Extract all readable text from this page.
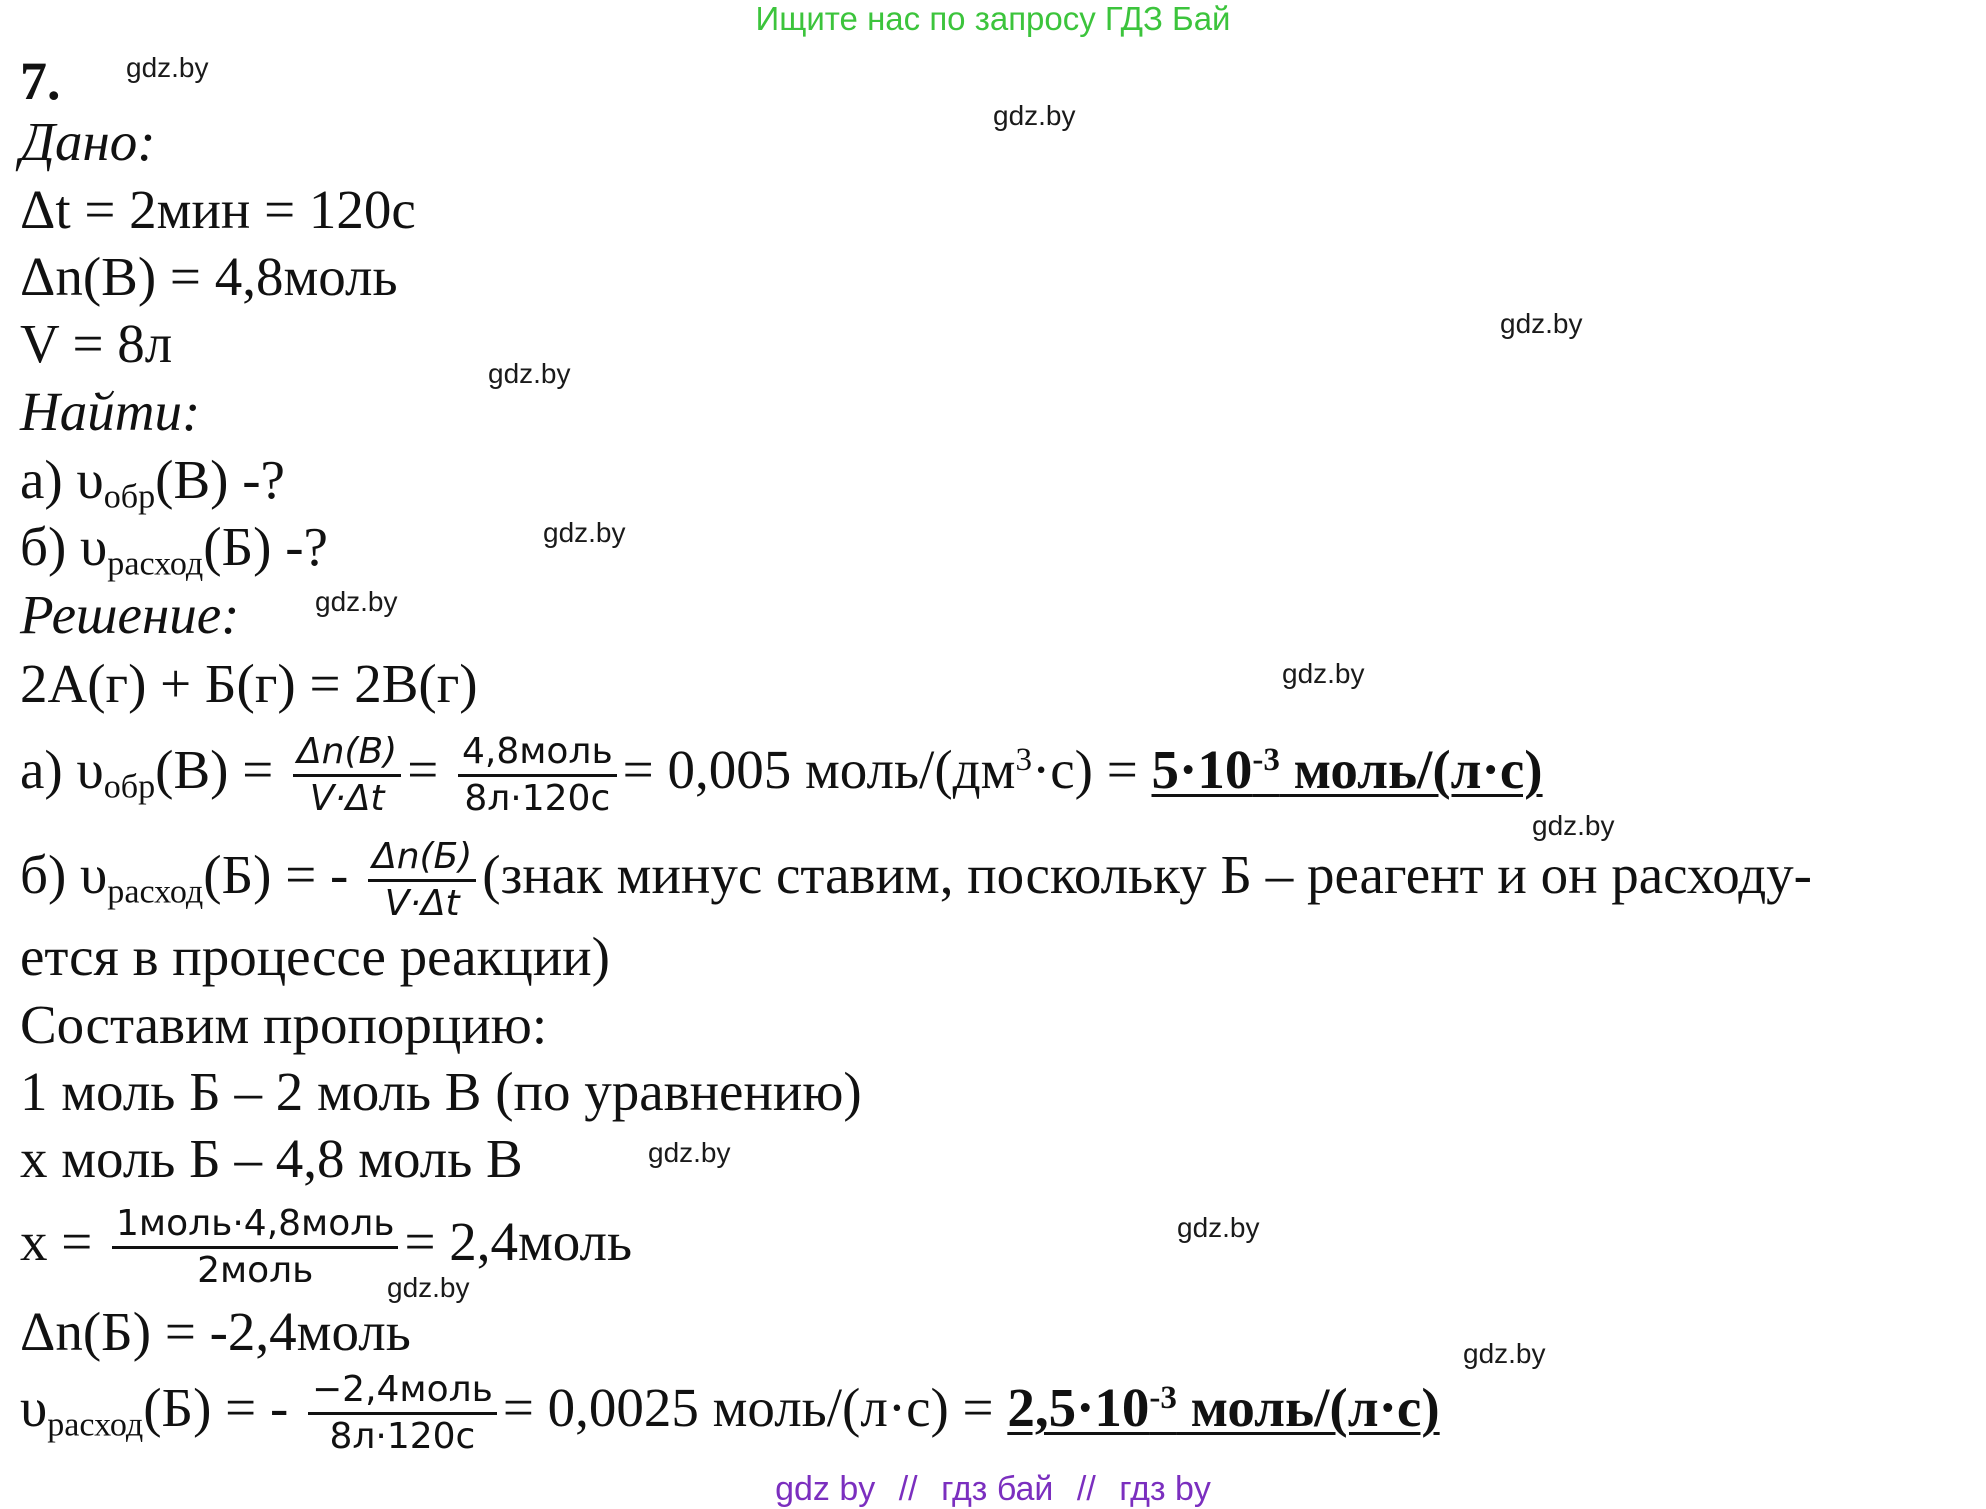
Ищите нас по запросу ГДЗ Бай
7.
Дано:
Δt = 2мин = 120с
Δn(В) = 4,8моль
V = 8л
Найти:
а) $\upsilon_{обр}(В)$ -?
б) $\upsilon_{расход}(Б)$ -?
Решение:
2А(г) + Б(г) = 2В(г)
а) $\upsilon_{обр}(В) = \frac{\Delta n(В)}{V\cdot\Delta t} = \frac{\text{4,8моль}}{8л\cdot 120с} = 0,005$ моль/$(дм^3\cdot с) = 5\cdot 10^{-3}$ моль/(л·с)
б) $\upsilon_{расход}(Б)$ = - $\frac{\Delta n(Б)}{V\cdot\Delta t}$ (знак минус ставим, поскольку Б – реагент и он расходу-
ется в процессе реакции)
Составим пропорцию:
1 моль Б – 2 моль В (по уравнению)
х моль Б – 4,8 моль В
$х = \frac{\text{1моль·4,8моль}}{\text{2моль}}$ = 2,4моль
Δn(Б) = -2,4моль
$\upsilon_{расход}(Б)$ = - $\frac{\text{−2,4моль}}{8л\cdot 120с} = 0,0025$ моль/(л·с) = $2,5\cdot 10^{-3}$ моль/(л·с)
gdz.by
gdz.by
gdz.by
gdz.by
gdz.by
gdz.by
gdz.by
gdz.by
gdz.by
gdz.by
gdz.by
gdz.by
gdz by // гдз бай // гдз by
